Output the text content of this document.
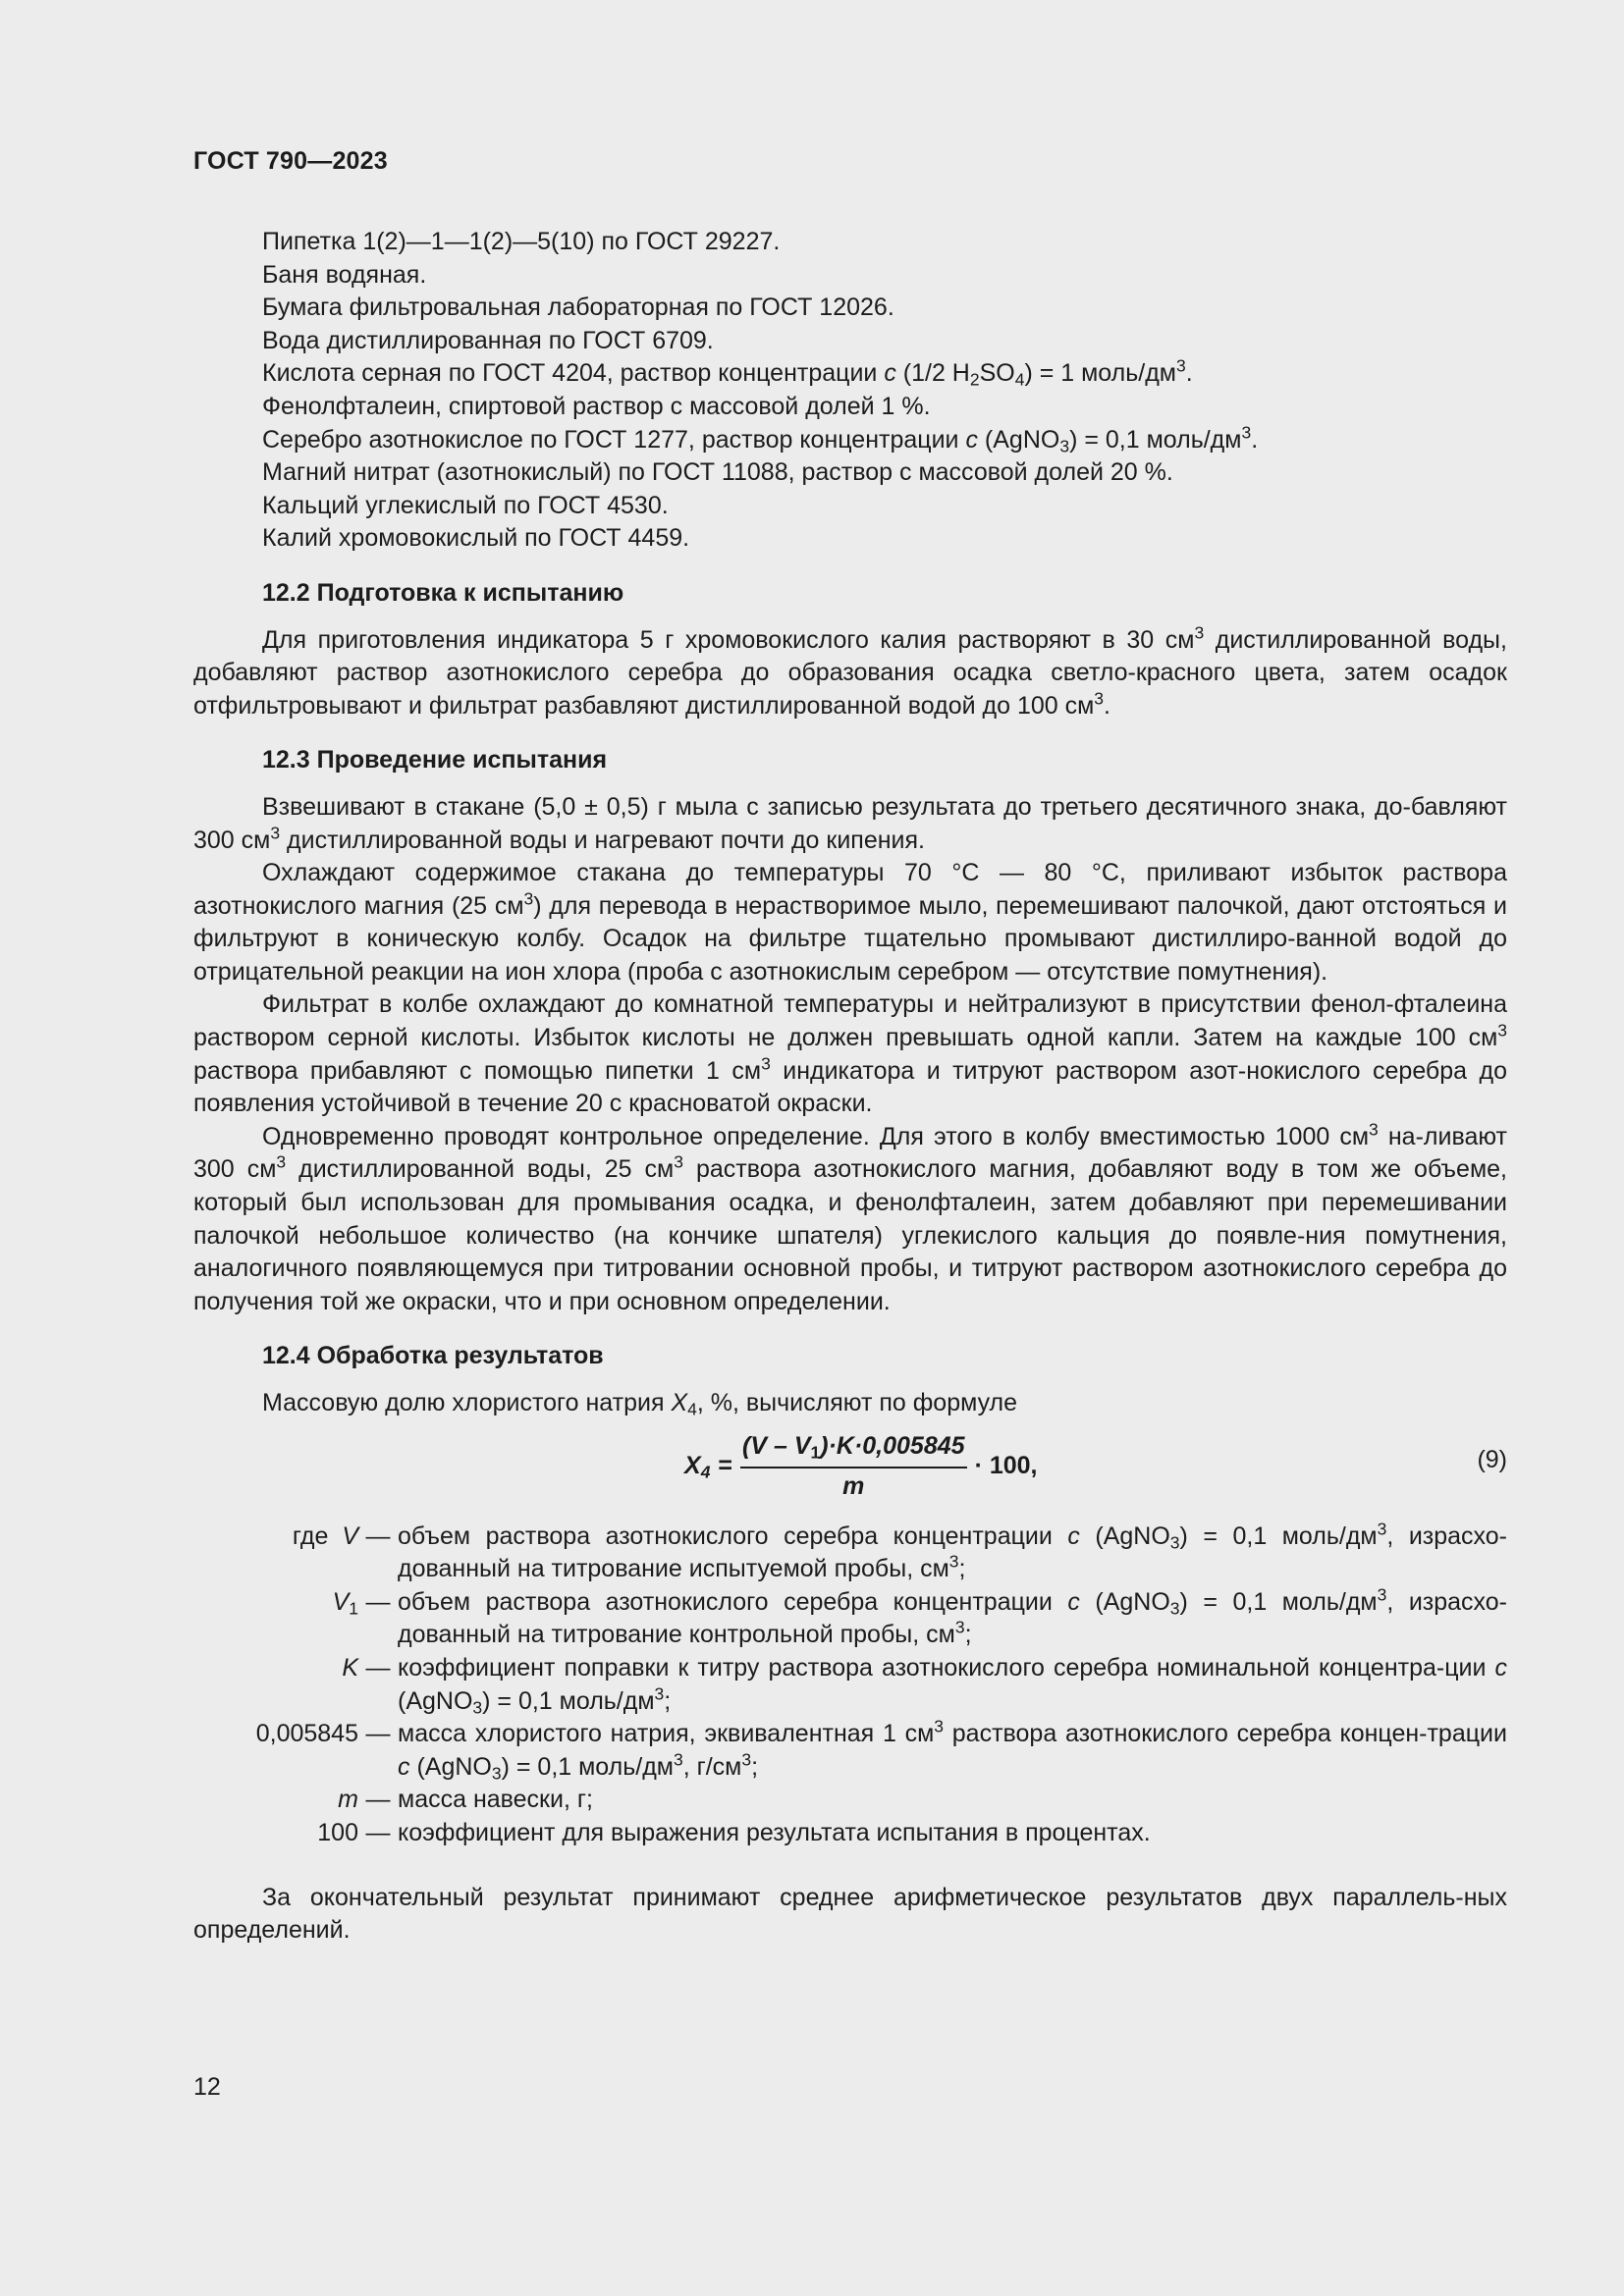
ГОСТ 790—2023
Пипетка 1(2)—1—1(2)—5(10) по ГОСТ 29227.
Баня водяная.
Бумага фильтровальная лабораторная по ГОСТ 12026.
Вода дистиллированная по ГОСТ 6709.
Кислота серная по ГОСТ 4204, раствор концентрации c (1/2 $H_2SO_4) = 1$ моль/$дм^3$.
Фенолфталеин, спиртовой раствор с массовой долей 1 %.
Серебро азотнокислое по ГОСТ 1277, раствор концентрации c (AgNO$_3$) = 0,1 моль/$дм^3$.
Магний нитрат (азотнокислый) по ГОСТ 11088, раствор с массовой долей 20 %.
Кальций углекислый по ГОСТ 4530.
Калий хромовокислый по ГОСТ 4459.
12.2 Подготовка к испытанию
Для приготовления индикатора 5 г хромовокислого калия растворяют в 30 $см^3$ дистиллированной воды, добавляют раствор азотнокислого серебра до образования осадка светло-красного цвета, затем осадок отфильтровывают и фильтрат разбавляют дистиллированной водой до 100 $см^3$.
12.3 Проведение испытания
Взвешивают в стакане (5,0 ± 0,5) г мыла с записью результата до третьего десятичного знака, до-бавляют 300 $см^3$ дистиллированной воды и нагревают почти до кипения.
Охлаждают содержимое стакана до температуры 70 °С — 80 °С, приливают избыток раствора азотнокислого магния (25 $см^3$) для перевода в нерастворимое мыло, перемешивают палочкой, дают отстояться и фильтруют в коническую колбу. Осадок на фильтре тщательно промывают дистиллиро-ванной водой до отрицательной реакции на ион хлора (проба с азотнокислым серебром — отсутствие помутнения).
Фильтрат в колбе охлаждают до комнатной температуры и нейтрализуют в присутствии фенол-фталеина раствором серной кислоты. Избыток кислоты не должен превышать одной капли. Затем на каждые 100 $см^3$ раствора прибавляют с помощью пипетки 1 $см^3$ индикатора и титруют раствором азот-нокислого серебра до появления устойчивой в течение 20 с красноватой окраски.
Одновременно проводят контрольное определение. Для этого в колбу вместимостью 1000 $см^3$ на-ливают 300 $см^3$ дистиллированной воды, 25 $см^3$ раствора азотнокислого магния, добавляют воду в том же объеме, который был использован для промывания осадка, и фенолфталеин, затем добавляют при перемешивании палочкой небольшое количество (на кончике шпателя) углекислого кальция до появле-ния помутнения, аналогичного появляющемуся при титровании основной пробы, и титруют раствором азотнокислого серебра до получения той же окраски, что и при основном определении.
12.4 Обработка результатов
Массовую долю хлористого натрия $X_4$, %, вычисляют по формуле
$X_4 = \frac{(V - V_1)\cdot K\cdot 0,005845}{m} \cdot 100$,	(9)
где V — объем раствора азотнокислого серебра концентрации c (AgNO$_3$) = 0,1 моль/$дм^3$, израсхо-дованный на титрование испытуемой пробы, $см^3$;
$V_1$ — объем раствора азотнокислого серебра концентрации c (AgNO$_3$) = 0,1 моль/$дм^3$, израсхо-дованный на титрование контрольной пробы, $см^3$;
K — коэффициент поправки к титру раствора азотнокислого серебра номинальной концентра-ции c (AgNO$_3$) = 0,1 моль/$дм^3$;
0,005845 — масса хлористого натрия, эквивалентная 1 $см^3$ раствора азотнокислого серебра концен-трации c (AgNO$_3$) = 0,1 моль/$дм^3$, $г/см^3$;
m — масса навески, г;
100 — коэффициент для выражения результата испытания в процентах.
За окончательный результат принимают среднее арифметическое результатов двух параллель-ных определений.
12
